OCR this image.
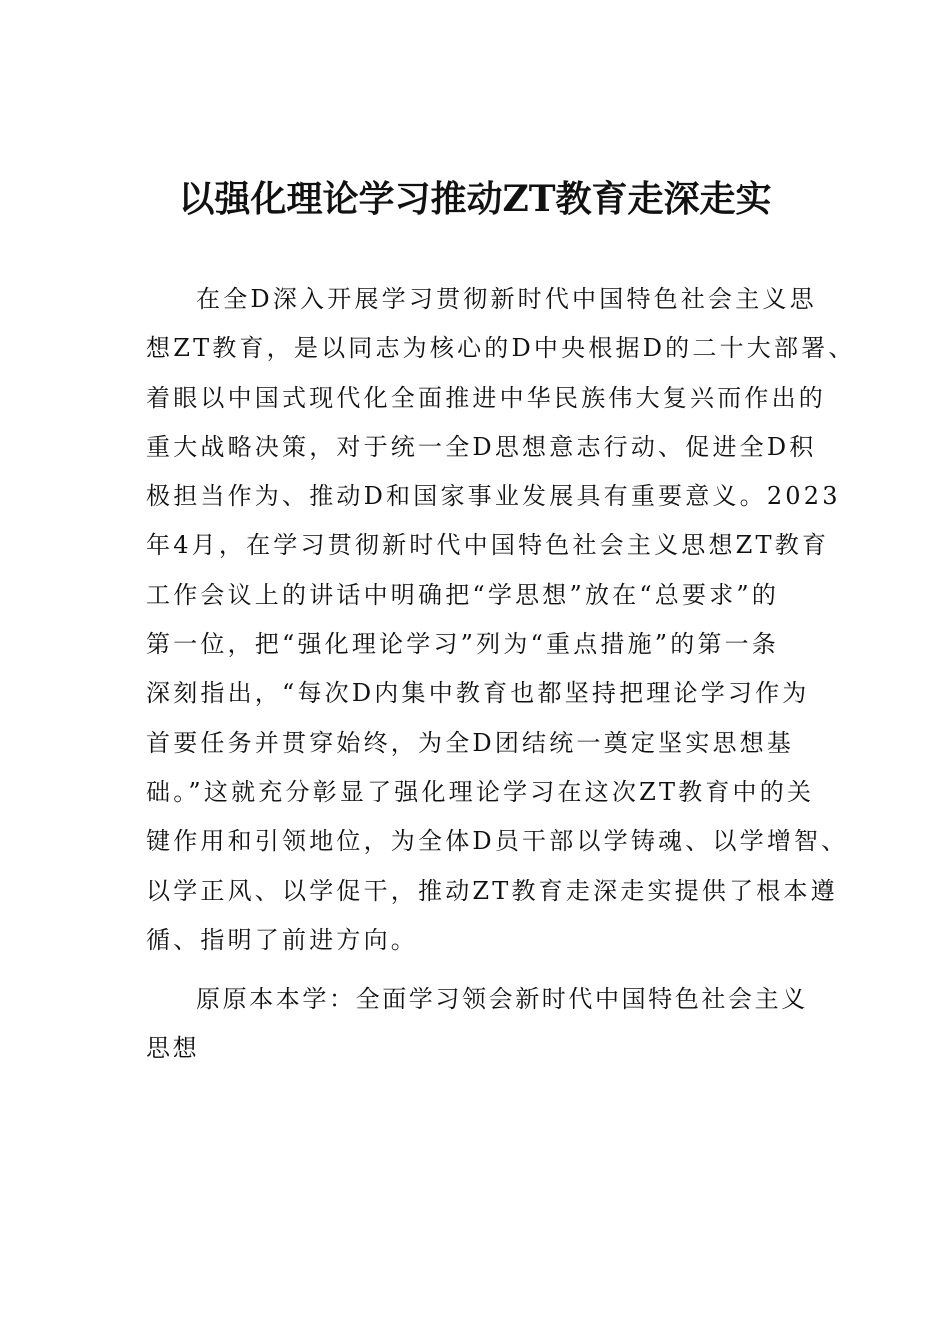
以强化理论学习推动ZT教育走深走实

在全D深入开展学习贯彻新时代中国特色社会主义思
想ZT教育，是以同志为核心的D中央根据D的二十大部署、
着眼以中国式现代化全面推进中华民族伟大复兴而作出的
重大战略决策，对于统一全D思想意志行动、促进全D积
极担当作为、推动D和国家事业发展具有重要意义。2023
年4月，在学习贯彻新时代中国特色社会主义思想ZT教育
工作会议上的讲话中明确把“学思想”放在“总要求”的
第一位，把“强化理论学习”列为“重点措施”的第一条
深刻指出，“每次D内集中教育也都坚持把理论学习作为
首要任务并贯穿始终，为全D团结统一奠定坚实思想基
础。”这就充分彰显了强化理论学习在这次ZT教育中的关
键作用和引领地位，为全体D员干部以学铸魂、以学增智、
以学正风、以学促干，推动ZT教育走深走实提供了根本遵
循、指明了前进方向。

原原本本学：全面学习领会新时代中国特色社会主义
思想
